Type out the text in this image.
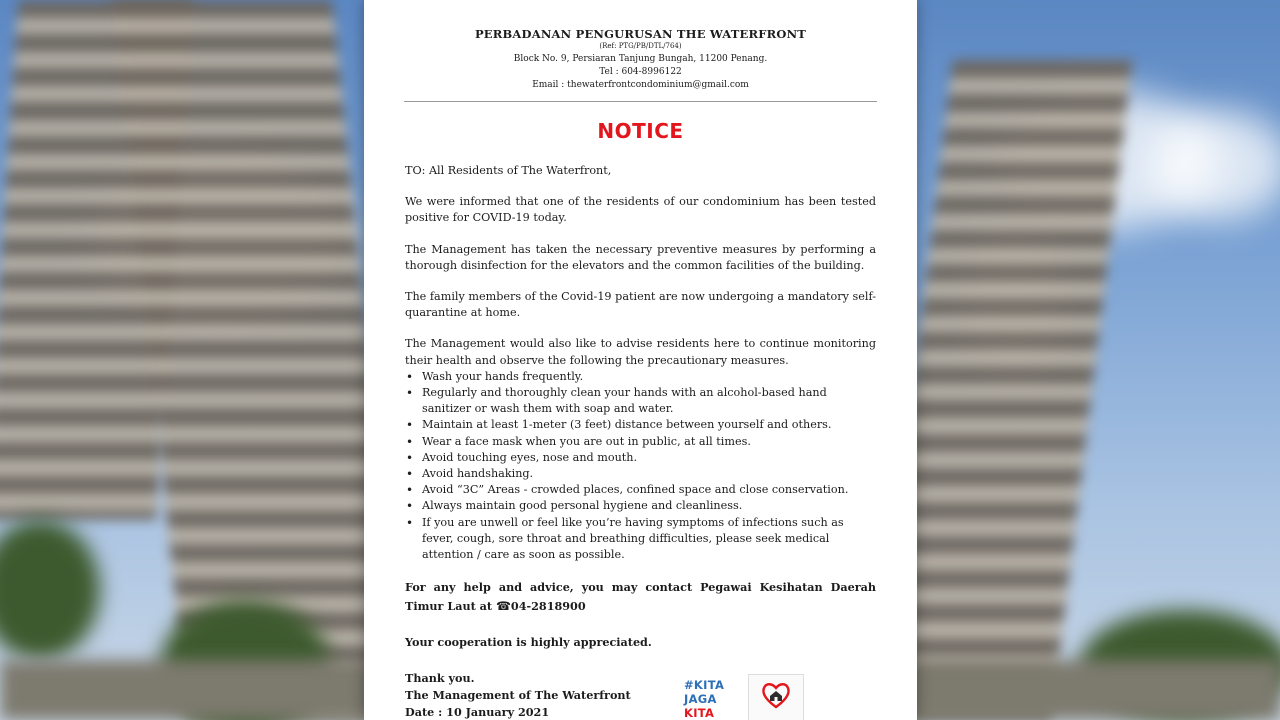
PERBADANAN PENGURUSAN THE WATERFRONT

(Ref: PTG/PB/DTL/764)

Block No. 9, Persiaran Tanjung Bungah, 11200 Penang.

Tel : 604-8996122

Email : thewaterfrontcondominium@gmail.com

NOTICE

TO: All Residents of The Waterfront,

We were informed that one of the residents of our condominium has been tested positive for COVID-19 today.

The Management has taken the necessary preventive measures by performing a thorough disinfection for the elevators and the common facilities of the building.

The family members of the Covid-19 patient are now undergoing a mandatory self-quarantine at home.

The Management would also like to advise residents here to continue monitoring their health and observe the following the precautionary measures.

• Wash your hands frequently.
• Regularly and thoroughly clean your hands with an alcohol-based hand sanitizer or wash them with soap and water.
• Maintain at least 1-meter (3 feet) distance between yourself and others.
• Wear a face mask when you are out in public, at all times.
• Avoid touching eyes, nose and mouth.
• Avoid handshaking.
• Avoid “3C” Areas - crowded places, confined space and close conservation.
• Always maintain good personal hygiene and cleanliness.
• If you are unwell or feel like you’re having symptoms of infections such as fever, cough, sore throat and breathing difficulties, please seek medical attention / care as soon as possible.

For any help and advice, you may contact Pegawai Kesihatan Daerah Timur Laut at ☎04-2818900

Your cooperation is highly appreciated.

Thank you.

The Management of The Waterfront

Date : 10 January 2021

#KITA
JAGA
KITA
